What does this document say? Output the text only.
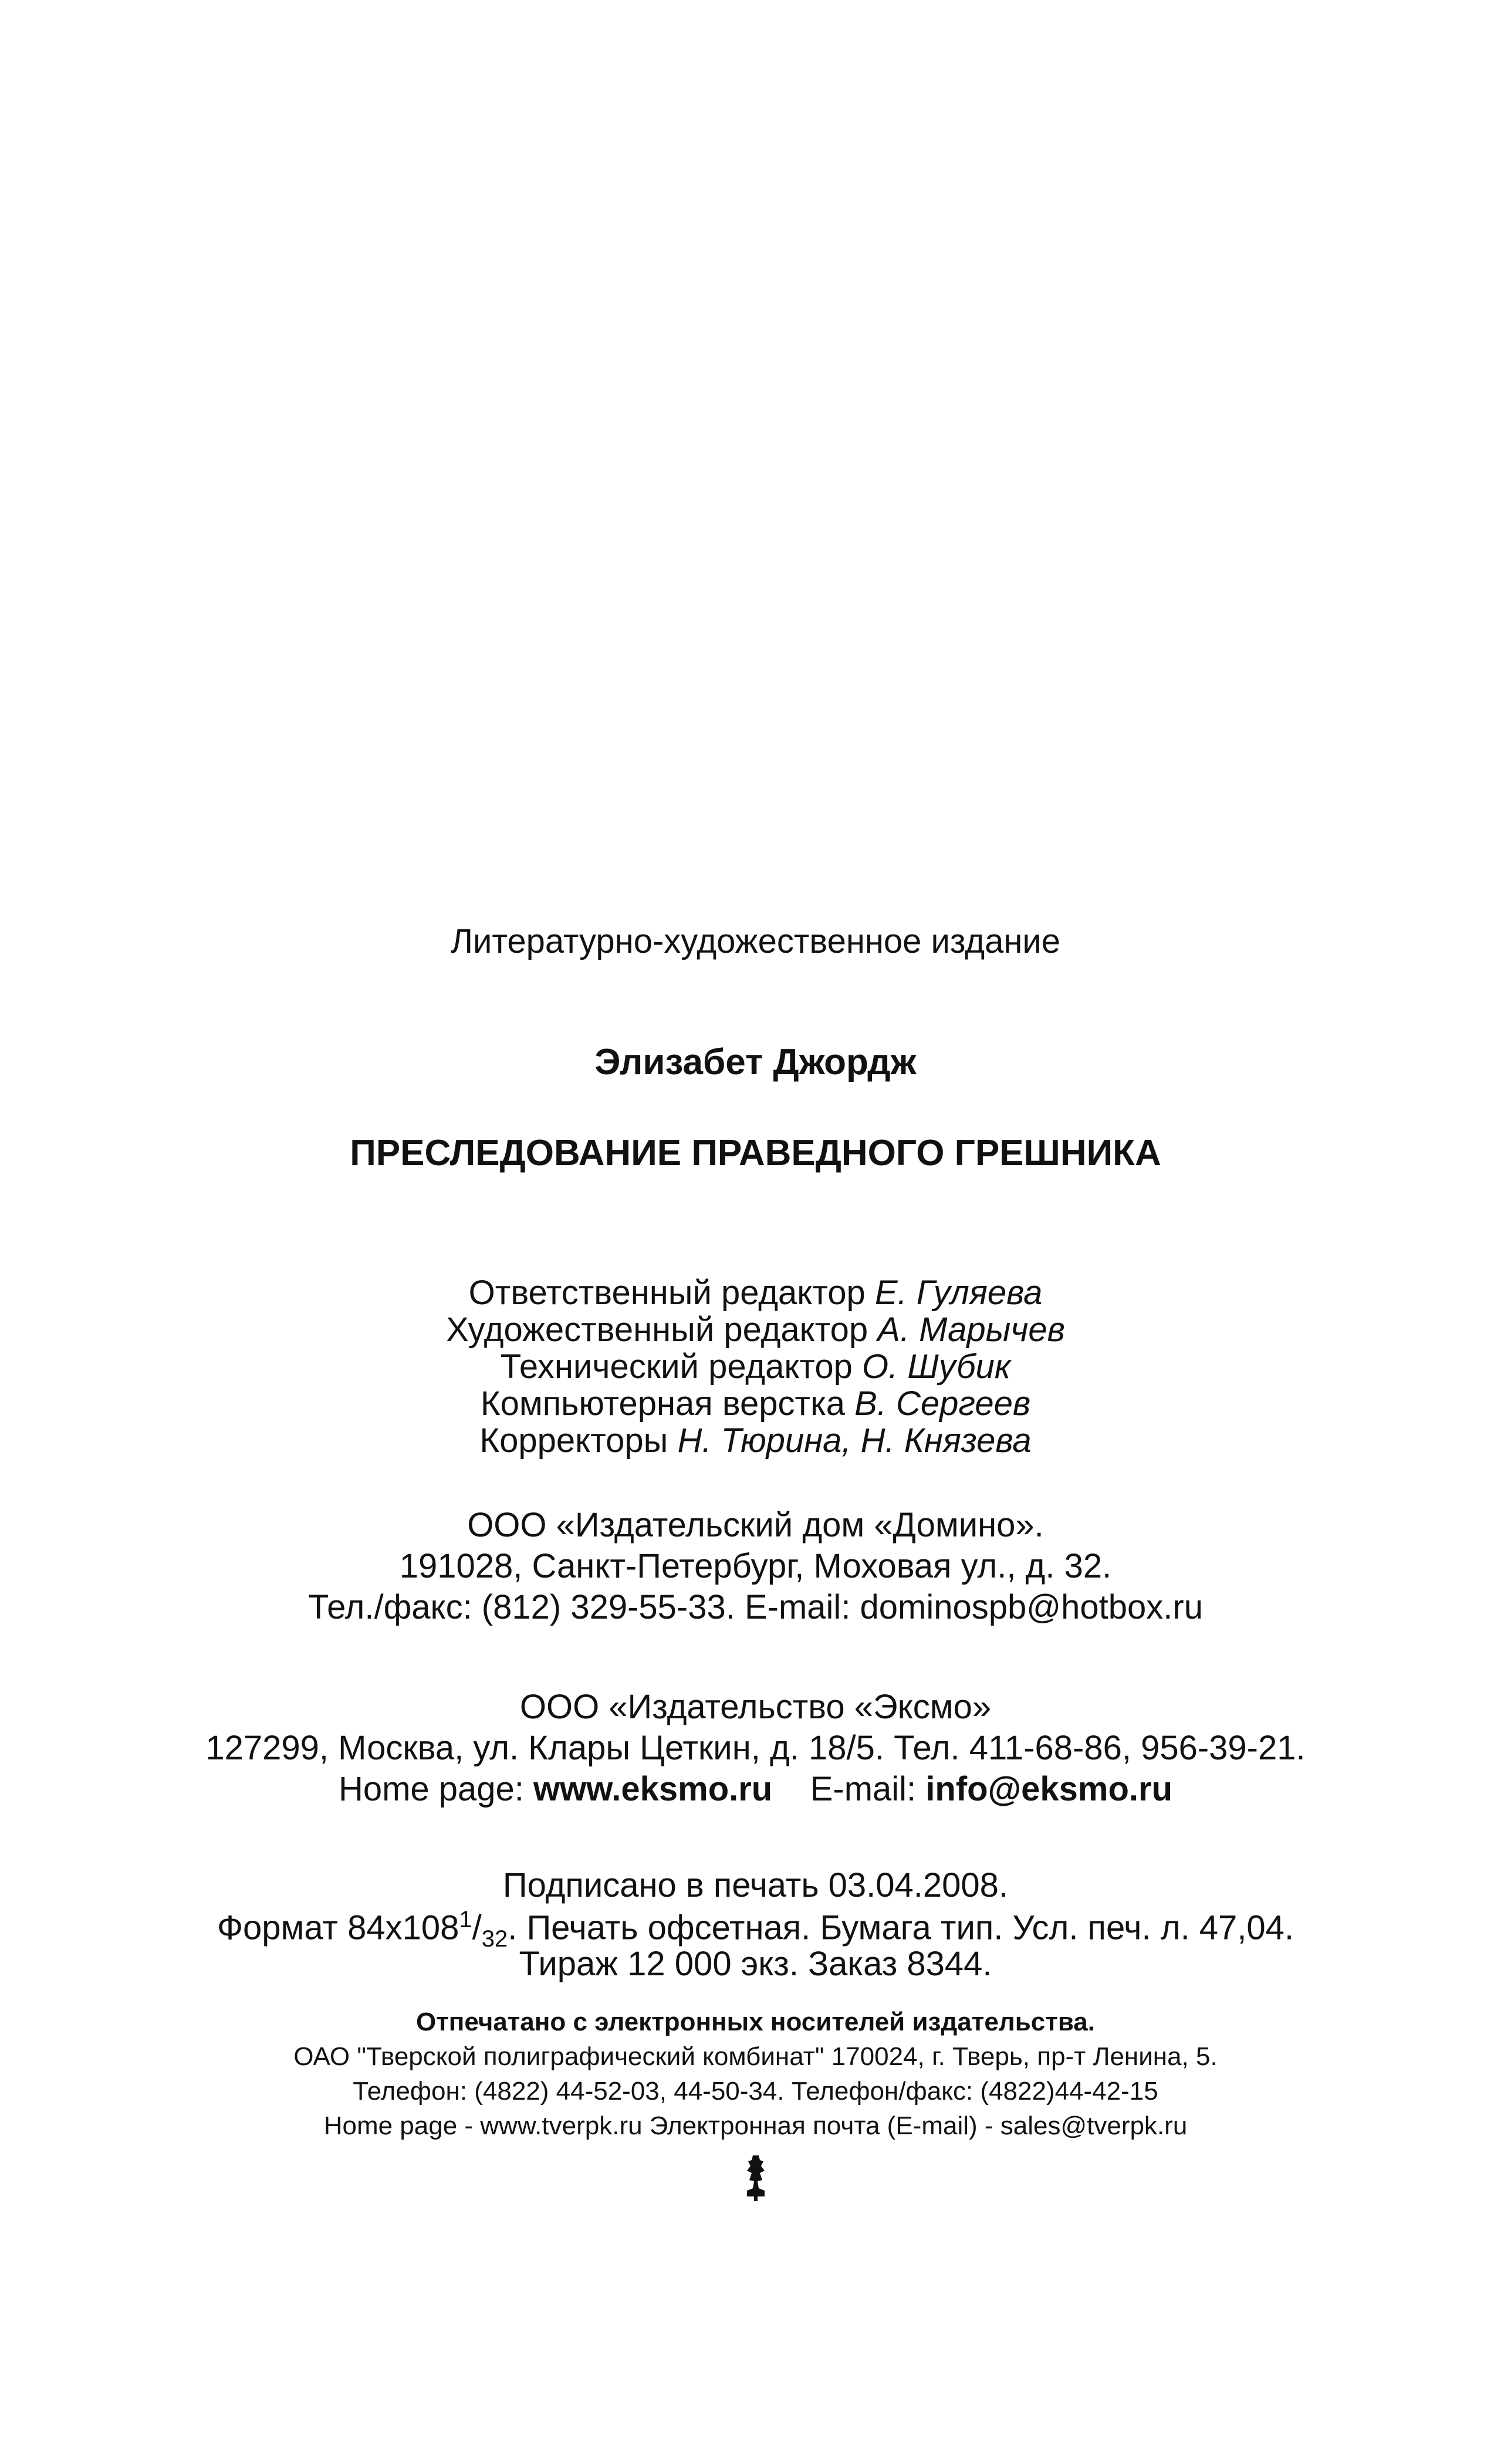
Литературно-художественное издание
Элизабет Джордж
ПРЕСЛЕДОВАНИЕ ПРАВЕДНОГО ГРЕШНИКА
Ответственный редактор Е. Гуляева
Художественный редактор А. Марычев
Технический редактор О. Шубик
Компьютерная верстка В. Сергеев
Корректоры Н. Тюрина, Н. Князева
ООО «Издательский дом «Домино».
191028, Санкт-Петербург, Моховая ул., д. 32.
Тел./факс: (812) 329-55-33. E-mail: dominospb@hotbox.ru
ООО «Издательство «Эксмо»
127299, Москва, ул. Клары Цеткин, д. 18/5. Тел. 411-68-86, 956-39-21.
Home page: www.eksmo.ru E-mail: info@eksmo.ru
Подписано в печать 03.04.2008.
Формат $84x108^1/_{32}$. Печать офсетная. Бумага тип. Усл. печ. л. 47,04.
Тираж 12 000 экз. Заказ 8344.
Отпечатано с электронных носителей издательства.
ОАО "Тверской полиграфический комбинат" 170024, г. Тверь, пр-т Ленина, 5.
Телефон: (4822) 44-52-03, 44-50-34. Телефон/факс: (4822)44-42-15
Home page - www.tverpk.ru Электронная почта (E-mail) - sales@tverpk.ru
